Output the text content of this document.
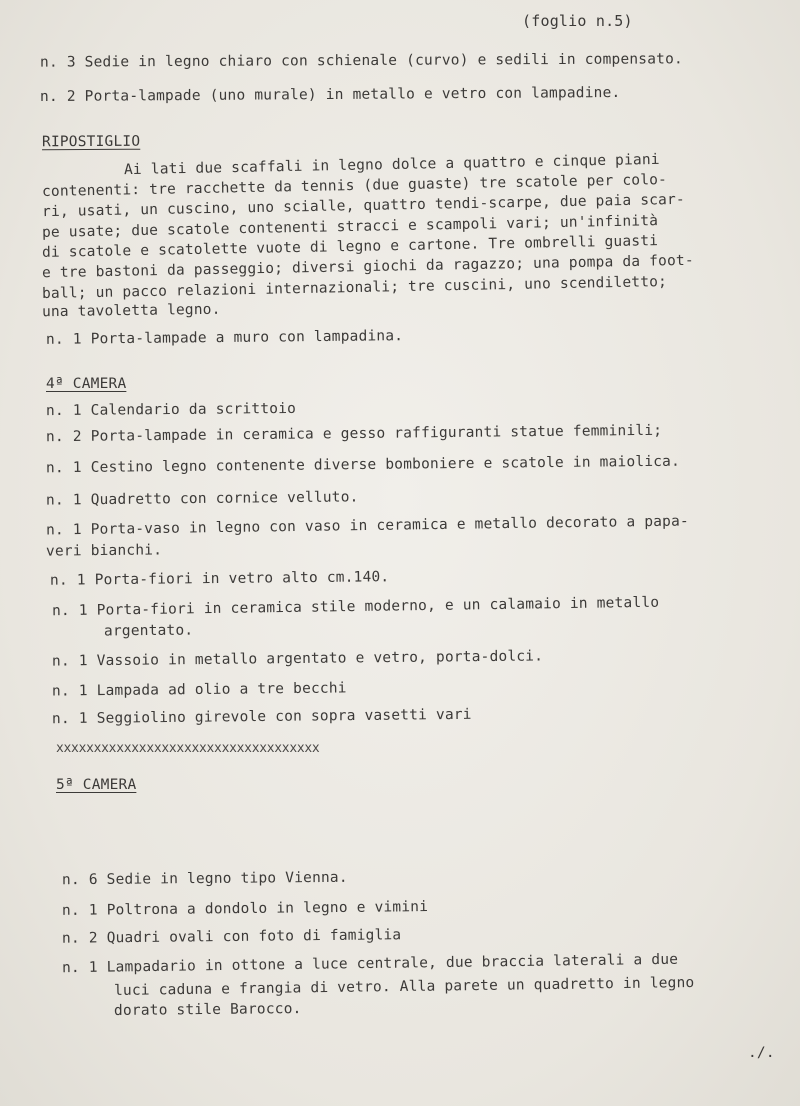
(foglio n.5)
n. 3 Sedie in legno chiaro con schienale (curvo) e sedili in compensato.
n. 2 Porta-lampade (uno murale) in metallo e vetro con lampadine.
RIPOSTIGLIO
Ai lati due scaffali in legno dolce a quattro e cinque piani
contenenti: tre racchette da tennis (due guaste) tre scatole per colo-
ri, usati, un cuscino, uno scialle, quattro tendi-scarpe, due paia scar-
pe usate; due scatole contenenti stracci e scampoli vari; un'infinità
di scatole e scatolette vuote di legno e cartone. Tre ombrelli guasti
e tre bastoni da passeggio; diversi giochi da ragazzo; una pompa da foot-
ball; un pacco relazioni internazionali; tre cuscini, uno scendiletto;
una tavoletta legno.
n. 1 Porta-lampade a muro con lampadina.
4ª CAMERA
n. 1 Calendario da scrittoio
n. 2 Porta-lampade in ceramica e gesso raffiguranti statue femminili;
n. 1 Cestino legno contenente diverse bomboniere e scatole in maiolica.
n. 1 Quadretto con cornice velluto.
n. 1 Porta-vaso in legno con vaso in ceramica e metallo decorato a papa-
veri bianchi.
n. 1 Porta-fiori in vetro alto cm.140.
n. 1 Porta-fiori in ceramica stile moderno, e un calamaio in metallo
argentato.
n. 1 Vassoio in metallo argentato e vetro, porta-dolci.
n. 1 Lampada ad olio a tre becchi
n. 1 Seggiolino girevole con sopra vasetti vari
xxxxxxxxxxxxxxxxxxxxxxxxxxxxxxxxxxx
5ª CAMERA
n. 6 Sedie in legno tipo Vienna.
n. 1 Poltrona a dondolo in legno e vimini
n. 2 Quadri ovali con foto di famiglia
n. 1 Lampadario in ottone a luce centrale, due braccia laterali a due
luci caduna e frangia di vetro. Alla parete un quadretto in legno
dorato stile Barocco.
./.
